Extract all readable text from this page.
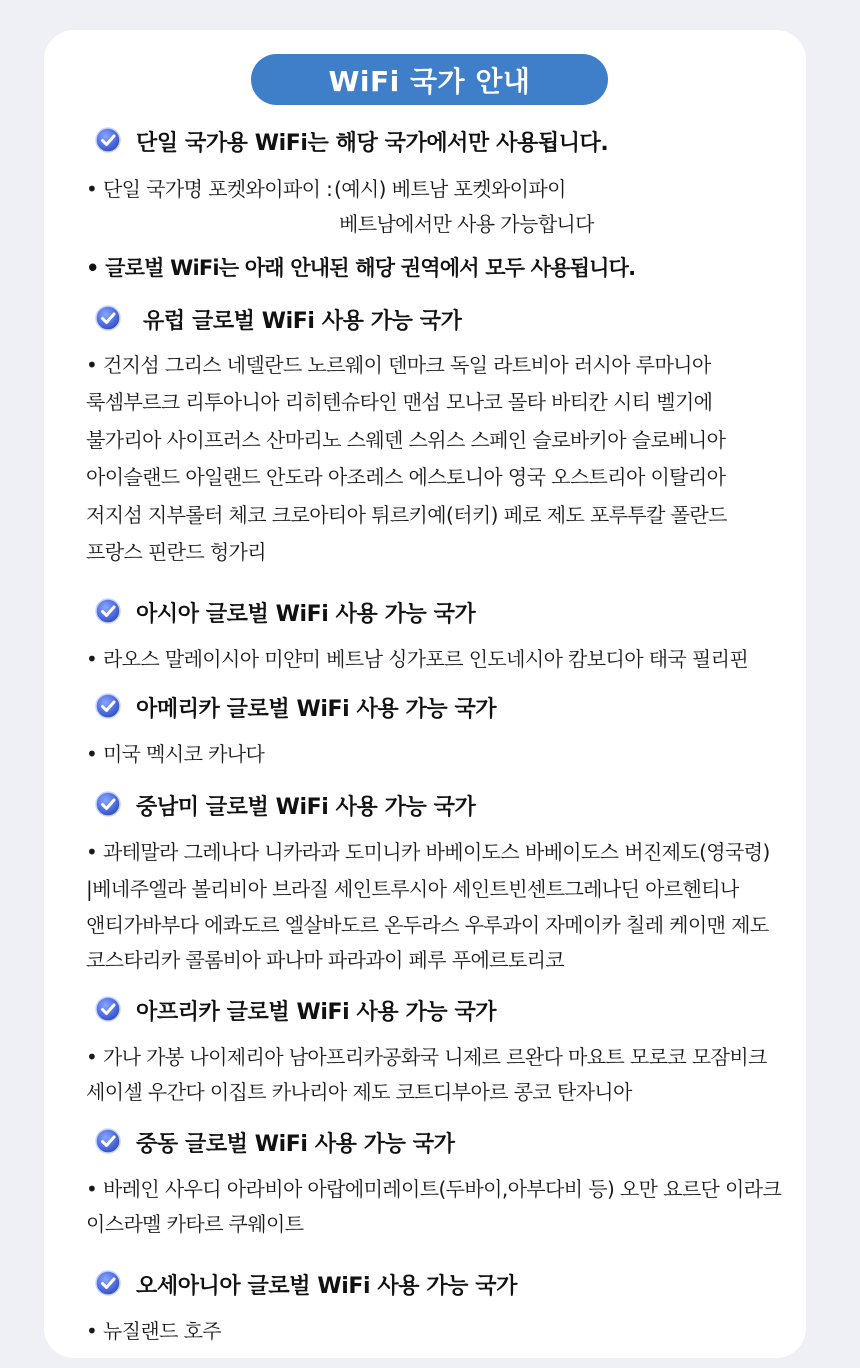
WiFi 국가 안내
단일 국가용 WiFi는 해당 국가에서만 사용됩니다.
• 단일 국가명 포켓와이파이 : (예시) 베트남 포켓와이파이
베트남에서만 사용 가능합니다
• 글로벌 WiFi는 아래 안내된 해당 권역에서 모두 사용됩니다.
유럽 글로벌 WiFi 사용 가능 국가
• 건지섬 그리스 네델란드 노르웨이 덴마크 독일 라트비아 러시아 루마니아
룩셈부르크 리투아니아 리히텐슈타인 맨섬 모나코 몰타 바티칸 시티 벨기에
불가리아 사이프러스 산마리노 스웨덴 스위스 스페인 슬로바키아 슬로베니아
아이슬랜드 아일랜드 안도라 아조레스 에스토니아 영국 오스트리아 이탈리아
저지섬 지부롤터 체코 크로아티아 튀르키예(터키) 페로 제도 포루투칼 폴란드
프랑스 핀란드 헝가리
아시아 글로벌 WiFi 사용 가능 국가
• 라오스 말레이시아 미얀미 베트남 싱가포르 인도네시아 캄보디아 태국 필리핀
아메리카 글로벌 WiFi 사용 가능 국가
• 미국 멕시코 카나다
중남미 글로벌 WiFi 사용 가능 국가
• 과테말라 그레나다 니카라과 도미니카 바베이도스 바베이도스 버진제도(영국령)
|베네주엘라 볼리비아 브라질 세인트루시아 세인트빈센트그레나딘 아르헨티나
앤티가바부다 에콰도르 엘살바도르 온두라스 우루과이 자메이카 칠레 케이맨 제도
코스타리카 콜롬비아 파나마 파라과이 페루 푸에르토리코
아프리카 글로벌 WiFi 사용 가능 국가
• 가나 가봉 나이제리아 남아프리카공화국 니제르 르완다 마요트 모로코 모잠비크
세이셀 우간다 이집트 카나리아 제도 코트디부아르 콩코 탄자니아
중동 글로벌 WiFi 사용 가능 국가
• 바레인 사우디 아라비아 아랍에미레이트(두바이,아부다비 등) 오만 요르단 이라크
이스라멜 카타르 쿠웨이트
오세아니아 글로벌 WiFi 사용 가능 국가
• 뉴질랜드 호주
